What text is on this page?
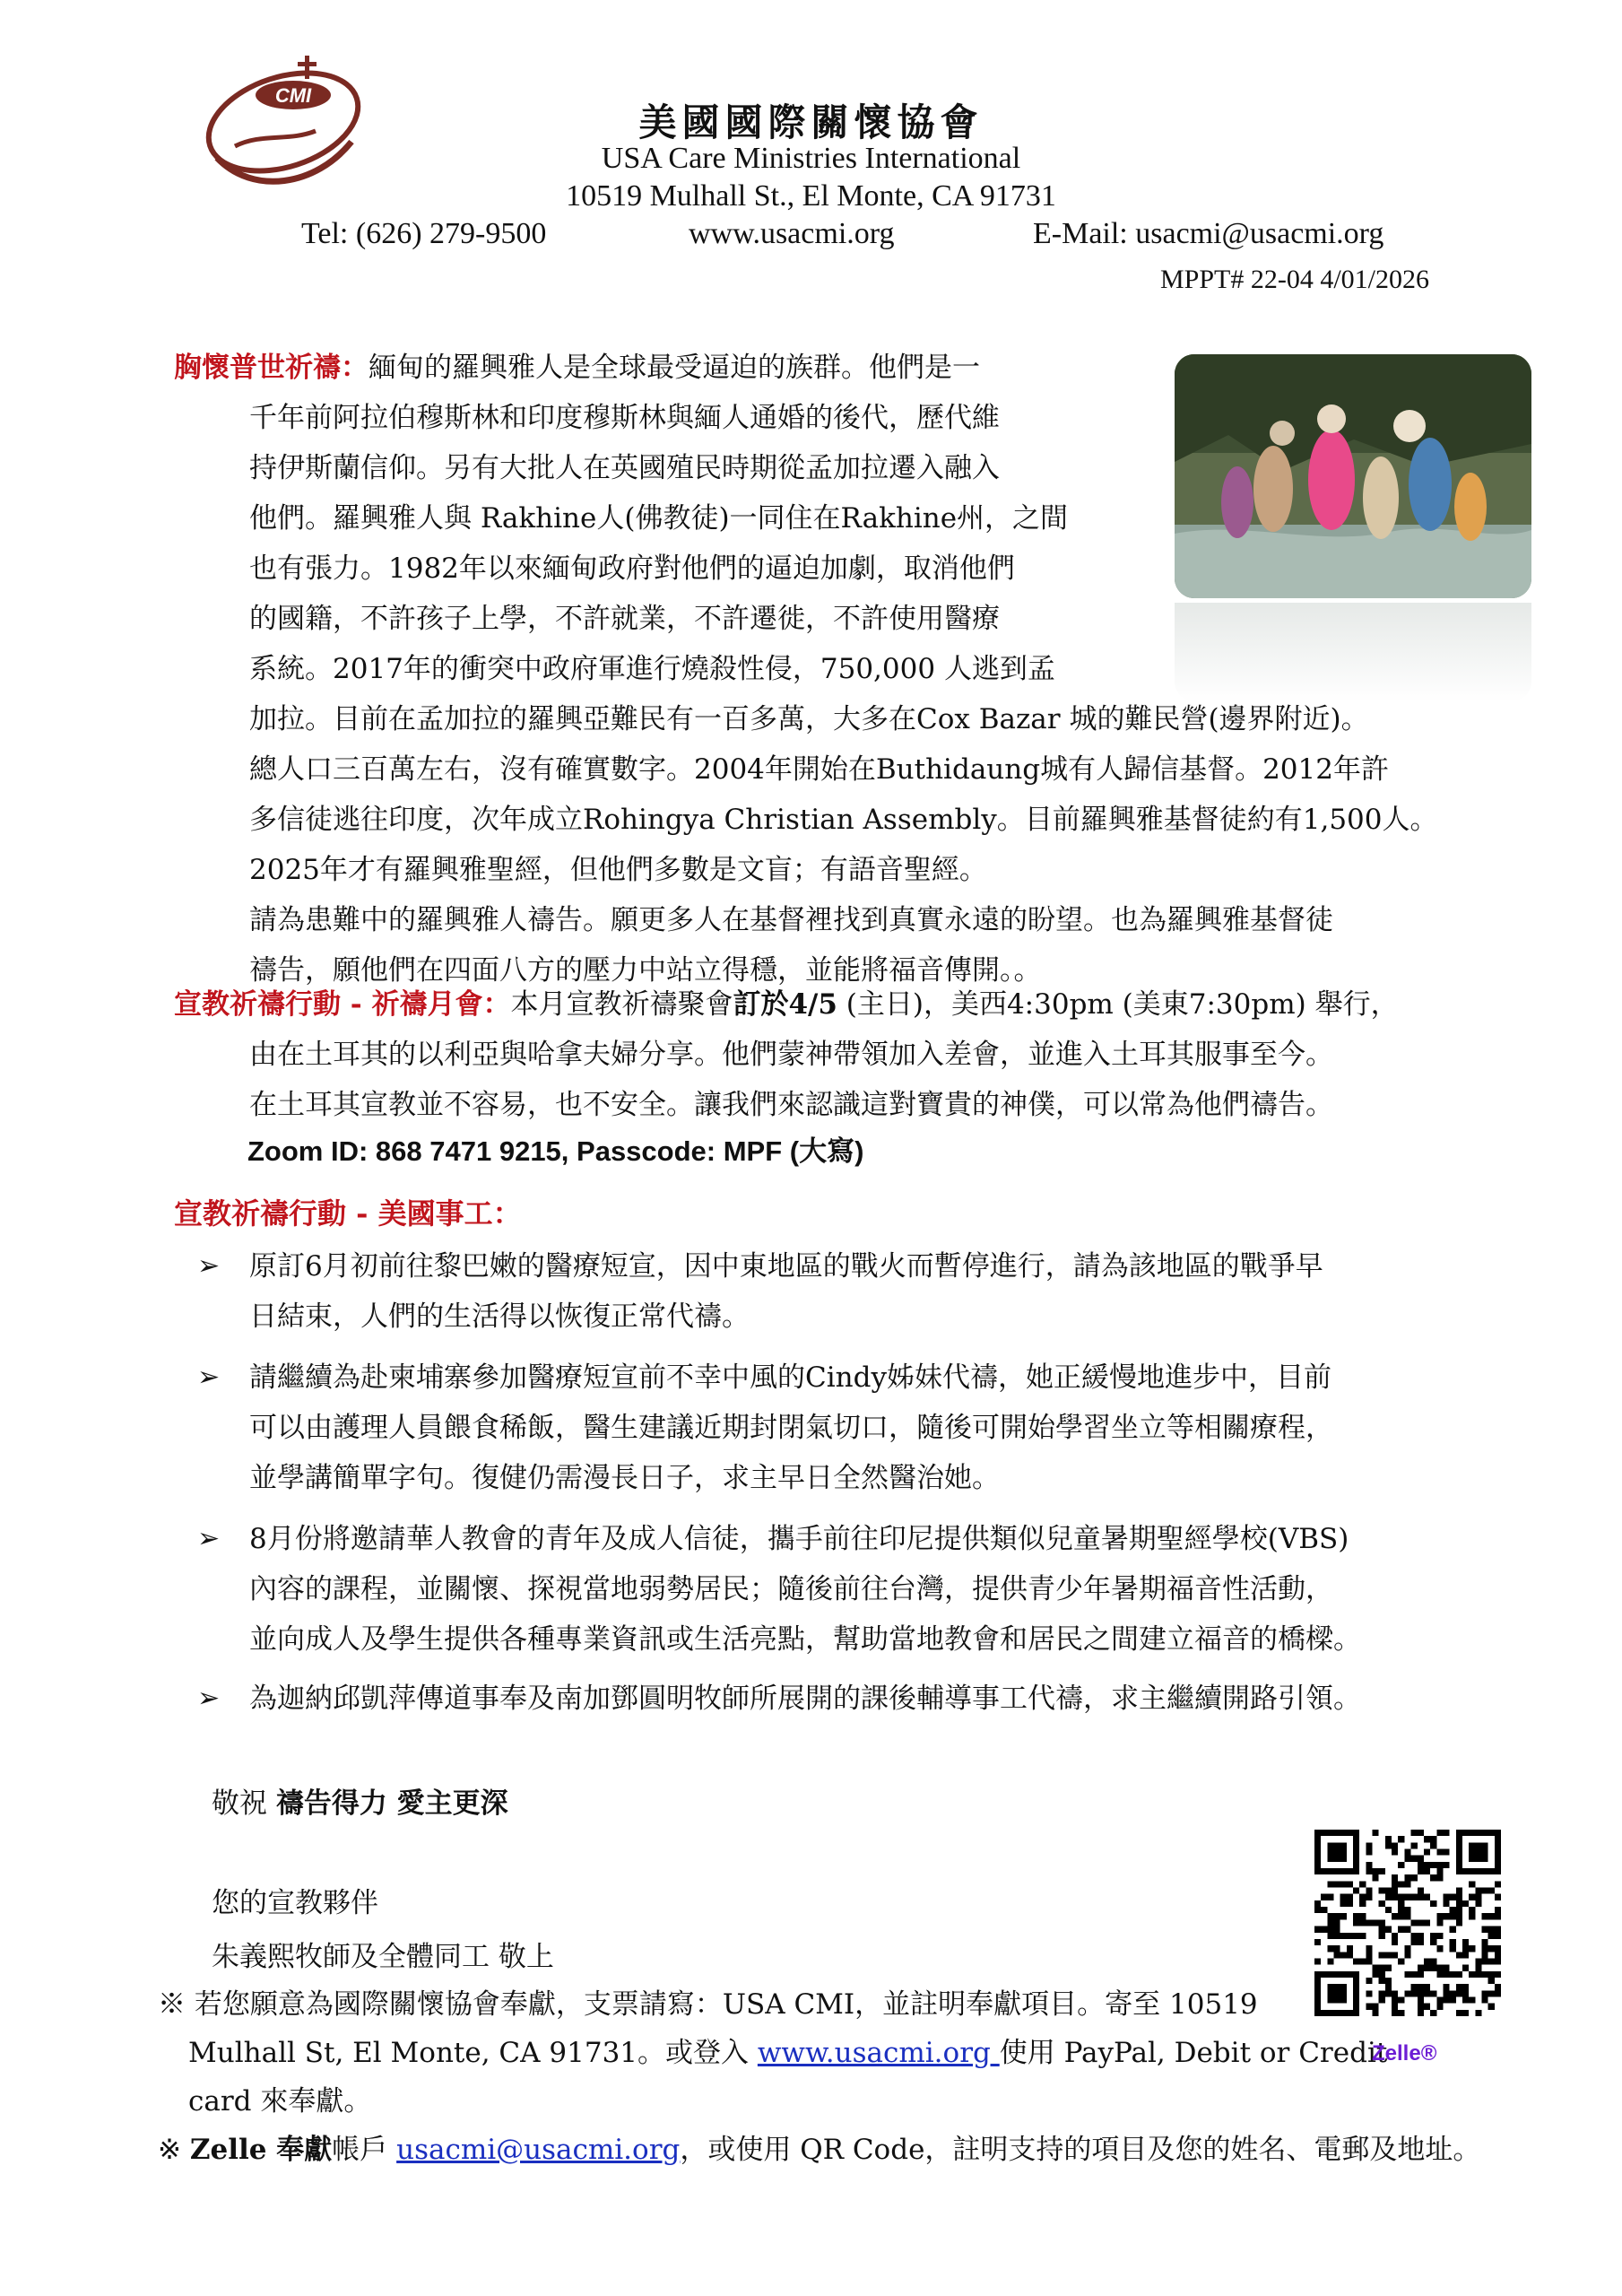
CMI
美國國際關懷協會
USA Care Ministries International
10519 Mulhall St., El Monte, CA 91731
Tel: (626) 279-9500	www.usacmi.org	E-Mail: usacmi@usacmi.org
MPPT# 22-04 4/01/2026
胸懷普世祈禱：緬甸的羅興雅人是全球最受逼迫的族群。他們是一
千年前阿拉伯穆斯林和印度穆斯林與緬人通婚的後代，歷代維
持伊斯蘭信仰。另有大批人在英國殖民時期從孟加拉遷入融入
他們。羅興雅人與 Rakhine人(佛教徒)一同住在Rakhine州，之間
也有張力。1982年以來緬甸政府對他們的逼迫加劇，取消他們
的國籍，不許孩子上學，不許就業，不許遷徙，不許使用醫療
系統。2017年的衝突中政府軍進行燒殺性侵，750,000 人逃到孟
加拉。目前在孟加拉的羅興亞難民有一百多萬，大多在Cox Bazar 城的難民營(邊界附近)。
總人口三百萬左右，沒有確實數字。2004年開始在Buthidaung城有人歸信基督。2012年許
多信徒逃往印度，次年成立Rohingya Christian Assembly。目前羅興雅基督徒約有1,500人。
2025年才有羅興雅聖經，但他們多數是文盲；有語音聖經。
請為患難中的羅興雅人禱告。願更多人在基督裡找到真實永遠的盼望。也為羅興雅基督徒
禱告，願他們在四面八方的壓力中站立得穩，並能將福音傳開。。
宣教祈禱行動 - 祈禱月會：本月宣教祈禱聚會訂於4/5 (主日)，美西4:30pm (美東7:30pm) 舉行，
由在土耳其的以利亞與哈拿夫婦分享。他們蒙神帶領加入差會，並進入土耳其服事至今。
在土耳其宣教並不容易，也不安全。讓我們來認識這對寶貴的神僕，可以常為他們禱告。
Zoom ID: 868 7471 9215, Passcode: MPF (大寫)
宣教祈禱行動 - 美國事工：
➢ 原訂6月初前往黎巴嫩的醫療短宣，因中東地區的戰火而暫停進行，請為該地區的戰爭早
日結束，人們的生活得以恢復正常代禱。
➢ 請繼續為赴柬埔寨參加醫療短宣前不幸中風的Cindy姊妹代禱，她正緩慢地進步中，目前
可以由護理人員餵食稀飯，醫生建議近期封閉氣切口，隨後可開始學習坐立等相關療程，
並學講簡單字句。復健仍需漫長日子，求主早日全然醫治她。
➢ 8月份將邀請華人教會的青年及成人信徒，攜手前往印尼提供類似兒童暑期聖經學校(VBS)
內容的課程，並關懷、探視當地弱勢居民；隨後前往台灣，提供青少年暑期福音性活動，
並向成人及學生提供各種專業資訊或生活亮點，幫助當地教會和居民之間建立福音的橋樑。
➢ 為迦納邱凱萍傳道事奉及南加鄧圓明牧師所展開的課後輔導事工代禱，求主繼續開路引領。
敬祝 禱告得力 愛主更深
您的宣教夥伴
朱義熙牧師及全體同工 敬上
※ 若您願意為國際關懷協會奉獻，支票請寫：USA CMI，並註明奉獻項目。寄至 10519
Mulhall St, El Monte, CA 91731。或登入 www.usacmi.org 使用 PayPal, Debit or Credit
card 來奉獻。
※ Zelle 奉獻帳戶 usacmi@usacmi.org，或使用 QR Code，註明支持的項目及您的姓名、電郵及地址。
Zelle®
